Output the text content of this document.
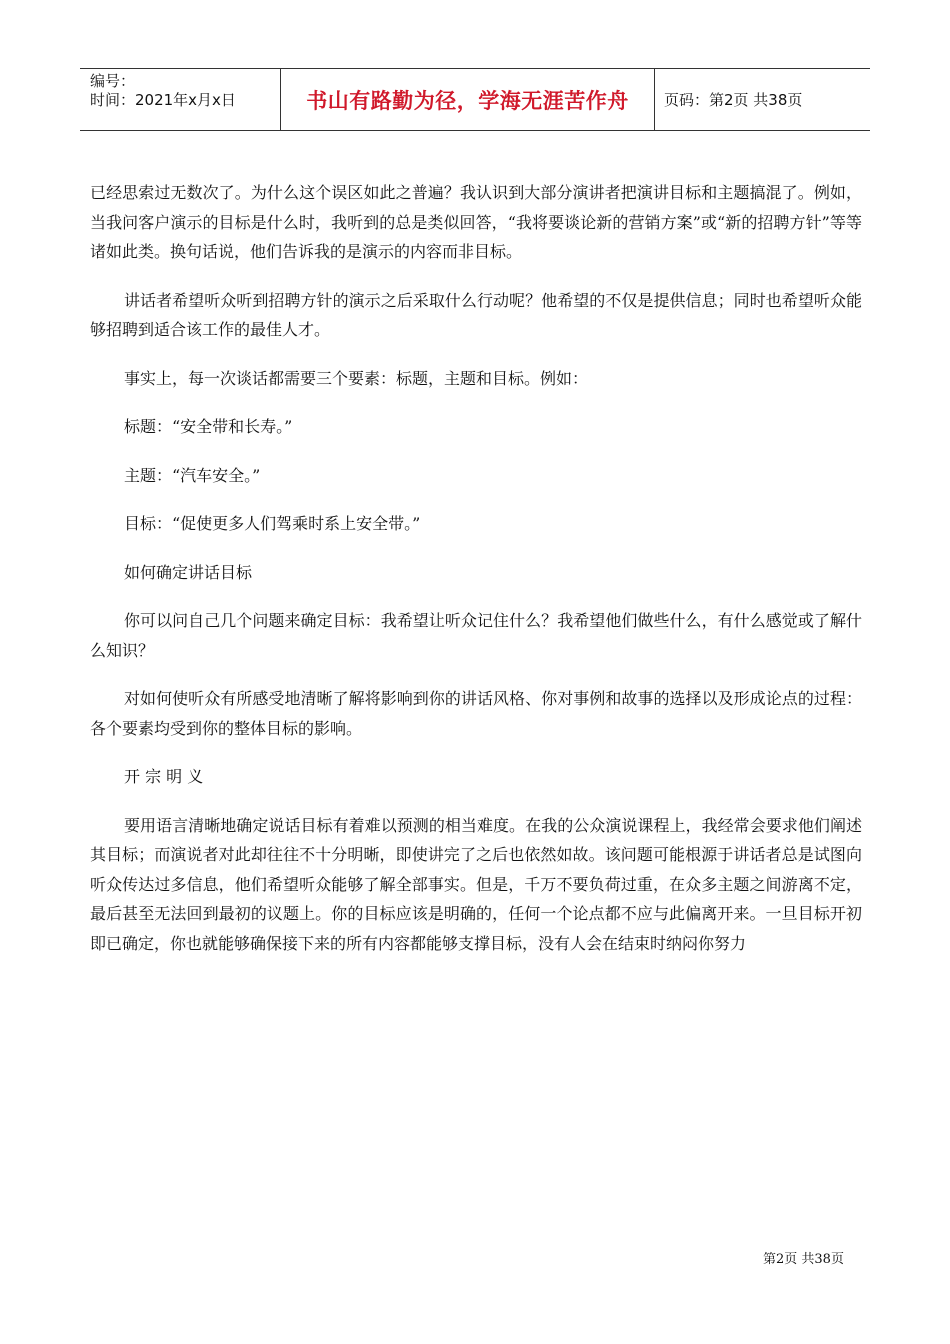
编号：
时间：2021年x月x日	书山有路勤为径，学海无涯苦作舟	页码：第2页 共38页

已经思索过无数次了。为什么这个误区如此之普遍？我认识到大部分演讲者把演讲目标和主题搞混了。例如，当我问客户演示的目标是什么时，我听到的总是类似回答，“我将要谈论新的营销方案”或“新的招聘方针”等等诸如此类。换句话说，他们告诉我的是演示的内容而非目标。

讲话者希望听众听到招聘方针的演示之后采取什么行动呢？他希望的不仅是提供信息；同时也希望听众能够招聘到适合该工作的最佳人才。

事实上，每一次谈话都需要三个要素：标题，主题和目标。例如：

标题：“安全带和长寿。”

主题：“汽车安全。”

目标：“促使更多人们驾乘时系上安全带。”

如何确定讲话目标

你可以问自己几个问题来确定目标：我希望让听众记住什么？我希望他们做些什么，有什么感觉或了解什么知识？

对如何使听众有所感受地清晰了解将影响到你的讲话风格、你对事例和故事的选择以及形成论点的过程：各个要素均受到你的整体目标的影响。

开 宗 明 义

要用语言清晰地确定说话目标有着难以预测的相当难度。在我的公众演说课程上，我经常会要求他们阐述其目标；而演说者对此却往往不十分明晰，即使讲完了之后也依然如故。该问题可能根源于讲话者总是试图向听众传达过多信息，他们希望听众能够了解全部事实。但是，千万不要负荷过重，在众多主题之间游离不定，最后甚至无法回到最初的议题上。你的目标应该是明确的，任何一个论点都不应与此偏离开来。一旦目标开初即已确定，你也就能够确保接下来的所有内容都能够支撑目标，没有人会在结束时纳闷你努力

第2页 共38页
